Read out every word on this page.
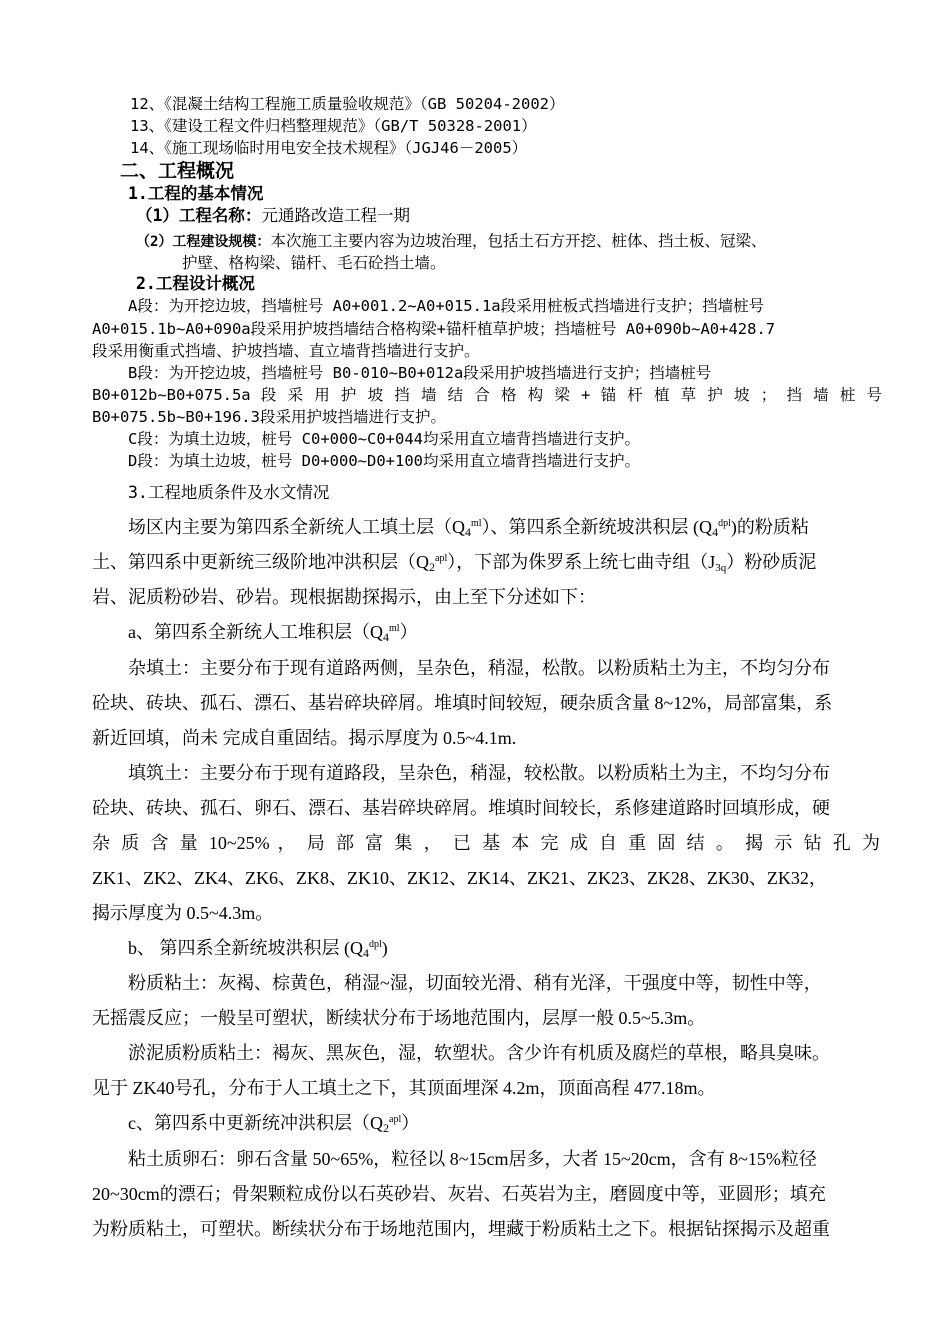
12、《混凝土结构工程施工质量验收规范》（GB 50204-2002）
13、《建设工程文件归档整理规范》（GB/T 50328-2001）
14、《施工现场临时用电安全技术规程》（JGJ46－2005）
二、工程概况
1.工程的基本情况
（1）工程名称：元通路改造工程一期
（2）工程建设规模：本次施工主要内容为边坡治理，包括土石方开挖、桩体、挡土板、冠梁、
护壁、格构梁、锚杆、毛石砼挡土墙。
2.工程设计概况
A段：为开挖边坡，挡墙桩号 A0+001.2~A0+015.1a段采用桩板式挡墙进行支护；挡墙桩号
A0+015.1b~A0+090a段采用护坡挡墙结合格构梁+锚杆植草护坡；挡墙桩号 A0+090b~A0+428.7
段采用衡重式挡墙、护坡挡墙、直立墙背挡墙进行支护。
B段：为开挖边坡，挡墙桩号 B0-010~B0+012a段采用护坡挡墙进行支护；挡墙桩号
B0+012b~B0+075.5a 段 采 用 护 坡 挡 墙 结 合 格 构 梁 + 锚 杆 植 草 护 坡 ； 挡 墙 桩 号
B0+075.5b~B0+196.3段采用护坡挡墙进行支护。
C段：为填土边坡，桩号 C0+000~C0+044均采用直立墙背挡墙进行支护。
D段：为填土边坡，桩号 D0+000~D0+100均采用直立墙背挡墙进行支护。
3.工程地质条件及水文情况
场区内主要为第四系全新统人工填土层$(Q4^{ml})$、第四系全新统坡洪积层 $(Q4^{dpl})$的粉质粘
土、第四系中更新统三级阶地冲洪积层$(Q2^{apl})$，下部为侏罗系上统七曲寺组（J3q）粉砂质泥
岩、泥质粉砂岩、砂岩。现根据勘探揭示，由上至下分述如下：
a、第四系全新统人工堆积层$(Q4^{ml})$
杂填土：主要分布于现有道路两侧，呈杂色，稍湿，松散。以粉质粘土为主，不均匀分布
砼块、砖块、孤石、漂石、基岩碎块碎屑。堆填时间较短，硬杂质含量 8~12%，局部富集，系
新近回填，尚未 完成自重固结。揭示厚度为 0.5~4.1m.
填筑土：主要分布于现有道路段，呈杂色，稍湿，较松散。以粉质粘土为主，不均匀分布
砼块、砖块、孤石、卵石、漂石、基岩碎块碎屑。堆填时间较长，系修建道路时回填形成，硬
杂 质 含 量 10~25% ， 局 部 富 集 ， 已 基 本 完 成 自 重 固 结 。 揭 示 钻 孔 为
ZK1、ZK2、ZK4、ZK6、ZK8、ZK10、ZK12、ZK14、ZK21、ZK23、ZK28、ZK30、ZK32，
揭示厚度为 0.5~4.3m。
b、 第四系全新统坡洪积层 $(Q4^{dpl})$
粉质粘土：灰褐、棕黄色，稍湿~湿，切面较光滑、稍有光泽，干强度中等，韧性中等，
无摇震反应；一般呈可塑状，断续状分布于场地范围内，层厚一般 0.5~5.3m。
淤泥质粉质粘土：褐灰、黑灰色，湿，软塑状。含少许有机质及腐烂的草根，略具臭味。
见于 ZK40号孔，分布于人工填土之下，其顶面埋深 4.2m，顶面高程 477.18m。
c、第四系中更新统冲洪积层$(Q2^{apl})$
粘土质卵石：卵石含量 50~65%，粒径以 8~15cm居多，大者 15~20cm，含有 8~15%粒径
20~30cm的漂石；骨架颗粒成份以石英砂岩、灰岩、石英岩为主，磨圆度中等，亚圆形；填充
为粉质粘土，可塑状。断续状分布于场地范围内，埋藏于粉质粘土之下。根据钻探揭示及超重
